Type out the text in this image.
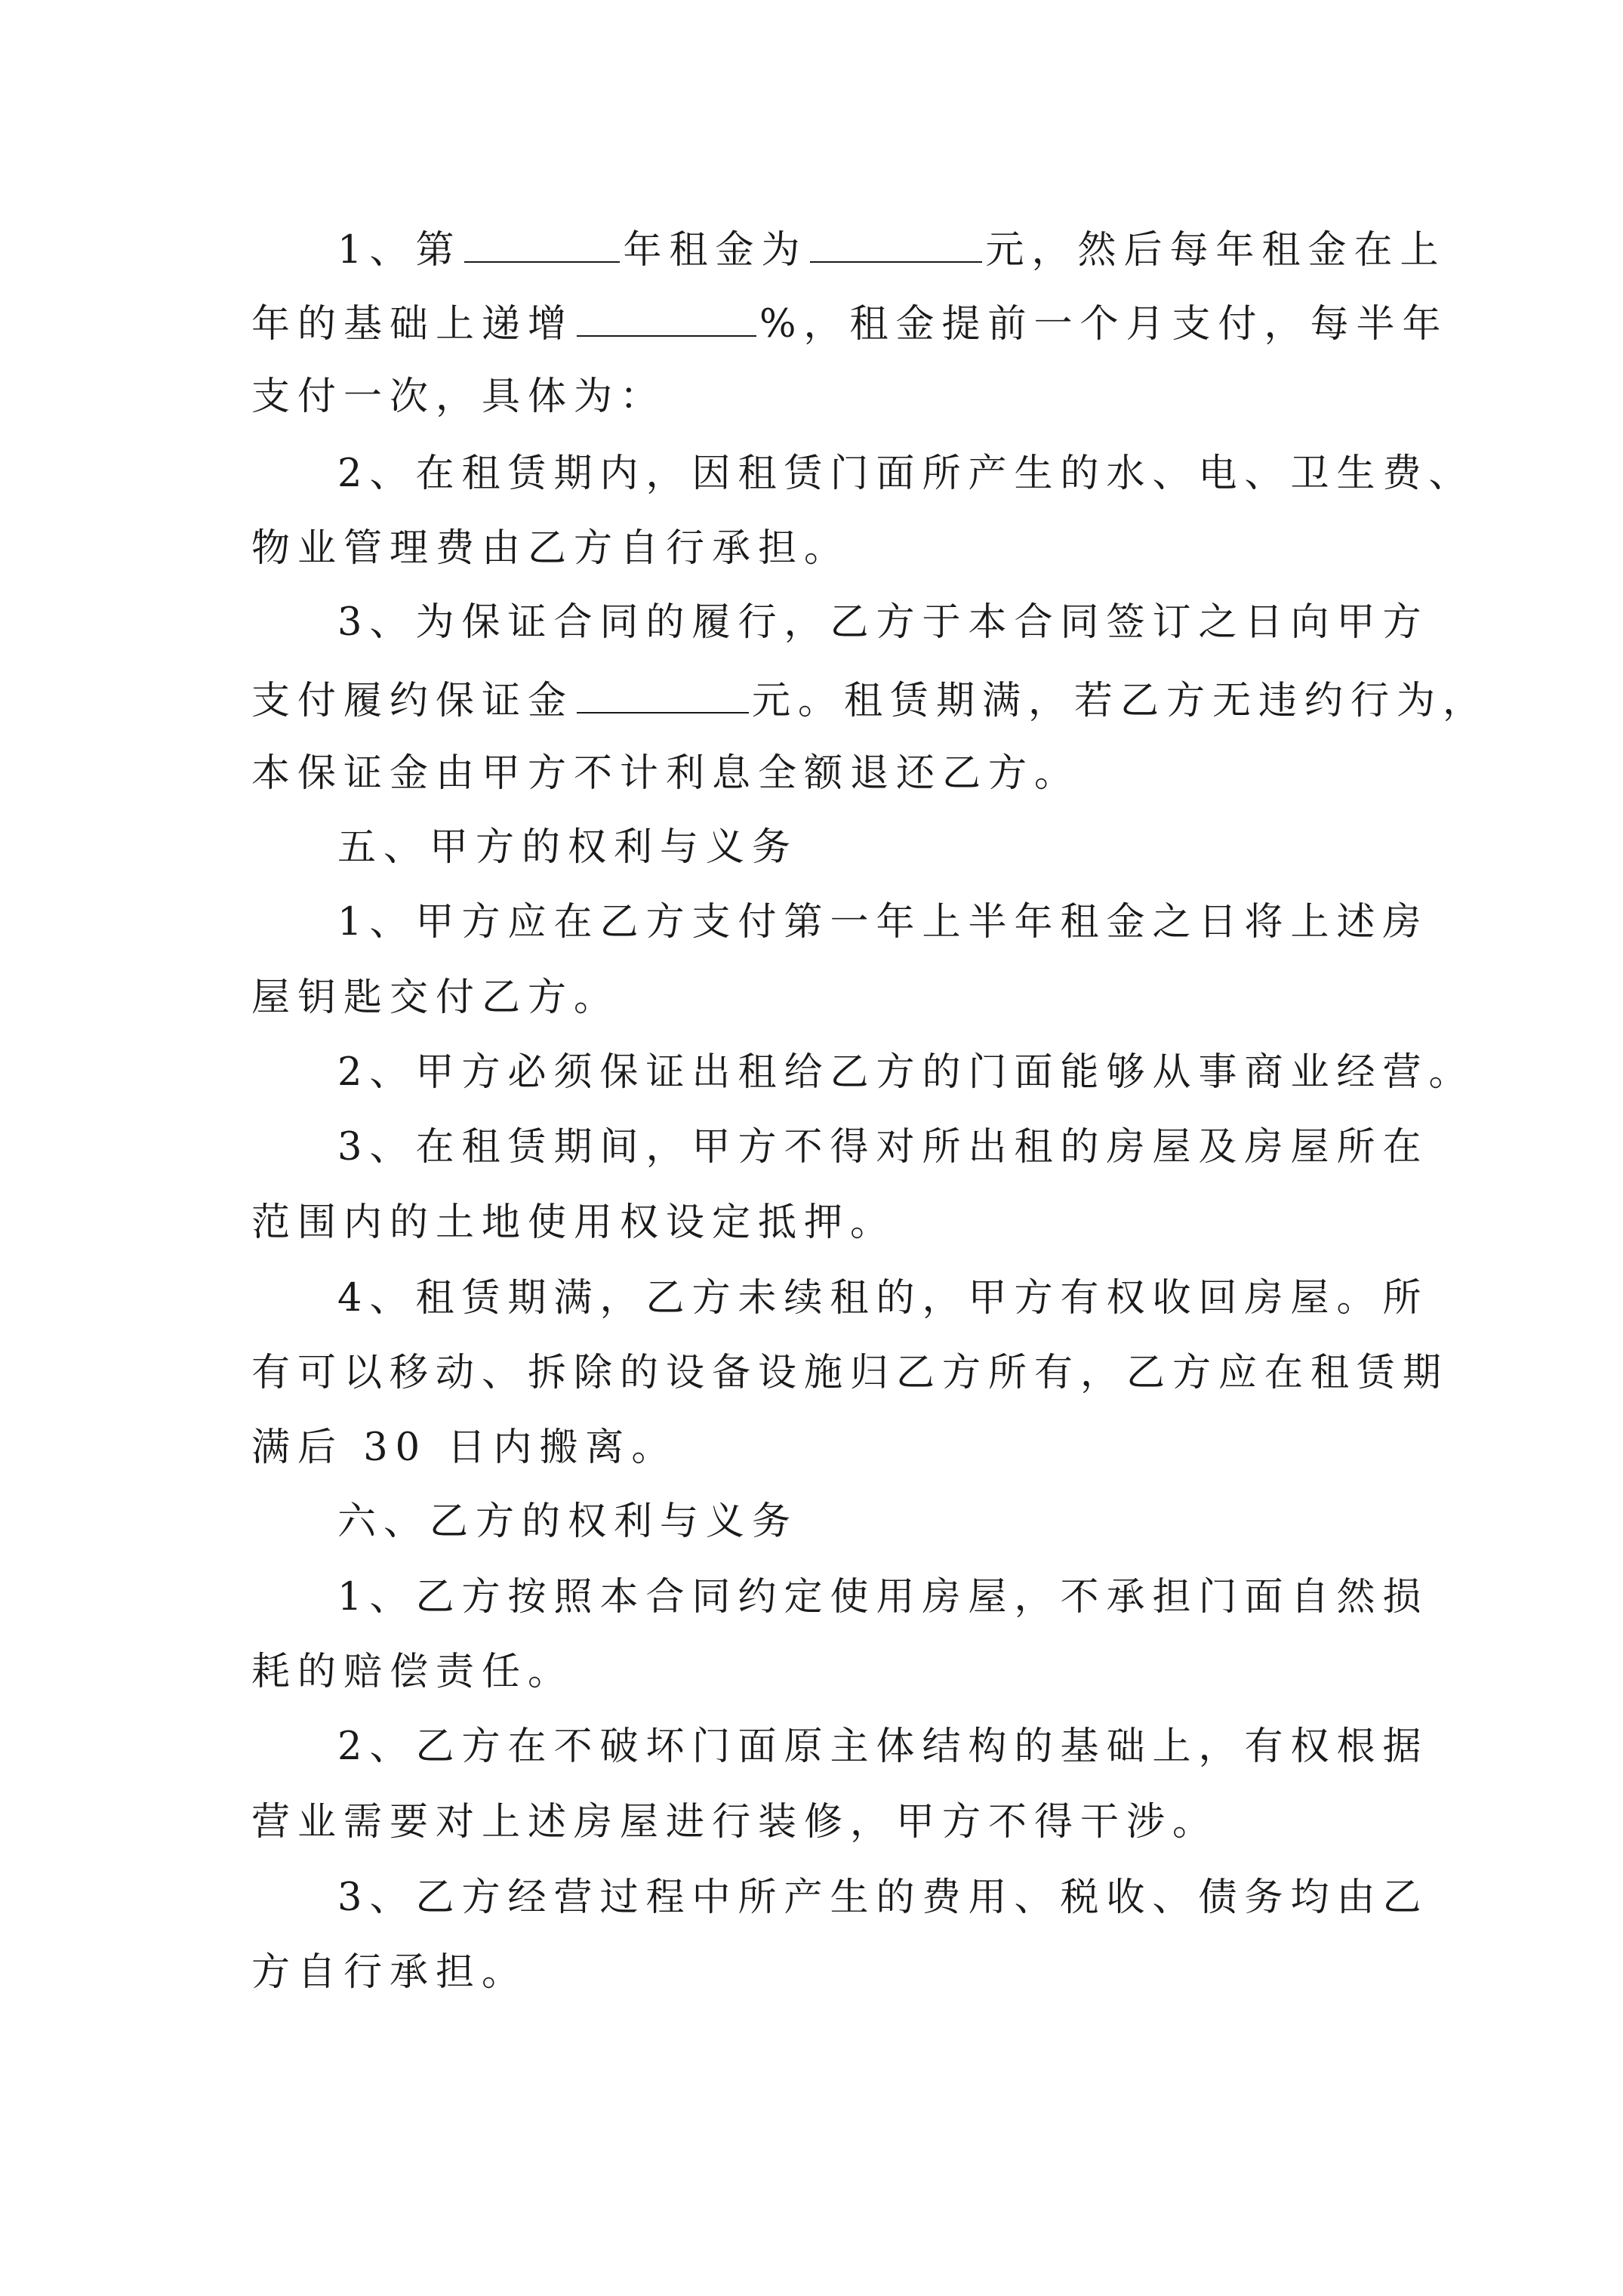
1、第	年租金为	元，然后每年租金在上
年的基础上递增	%，租金提前一个月支付，每半年
支付一次，具体为：
2、在租赁期内，因租赁门面所产生的水、电、卫生费、
物业管理费由乙方自行承担。
3、为保证合同的履行，乙方于本合同签订之日向甲方
支付履约保证金	元。租赁期满，若乙方无违约行为，
本保证金由甲方不计利息全额退还乙方。
五、甲方的权利与义务
1、甲方应在乙方支付第一年上半年租金之日将上述房
屋钥匙交付乙方。
2、甲方必须保证出租给乙方的门面能够从事商业经营。
3、在租赁期间，甲方不得对所出租的房屋及房屋所在
范围内的土地使用权设定抵押。
4、租赁期满，乙方未续租的，甲方有权收回房屋。所
有可以移动、拆除的设备设施归乙方所有，乙方应在租赁期
满后 30 日内搬离。
六、乙方的权利与义务
1、乙方按照本合同约定使用房屋，不承担门面自然损
耗的赔偿责任。
2、乙方在不破坏门面原主体结构的基础上，有权根据
营业需要对上述房屋进行装修，甲方不得干涉。
3、乙方经营过程中所产生的费用、税收、债务均由乙
方自行承担。
